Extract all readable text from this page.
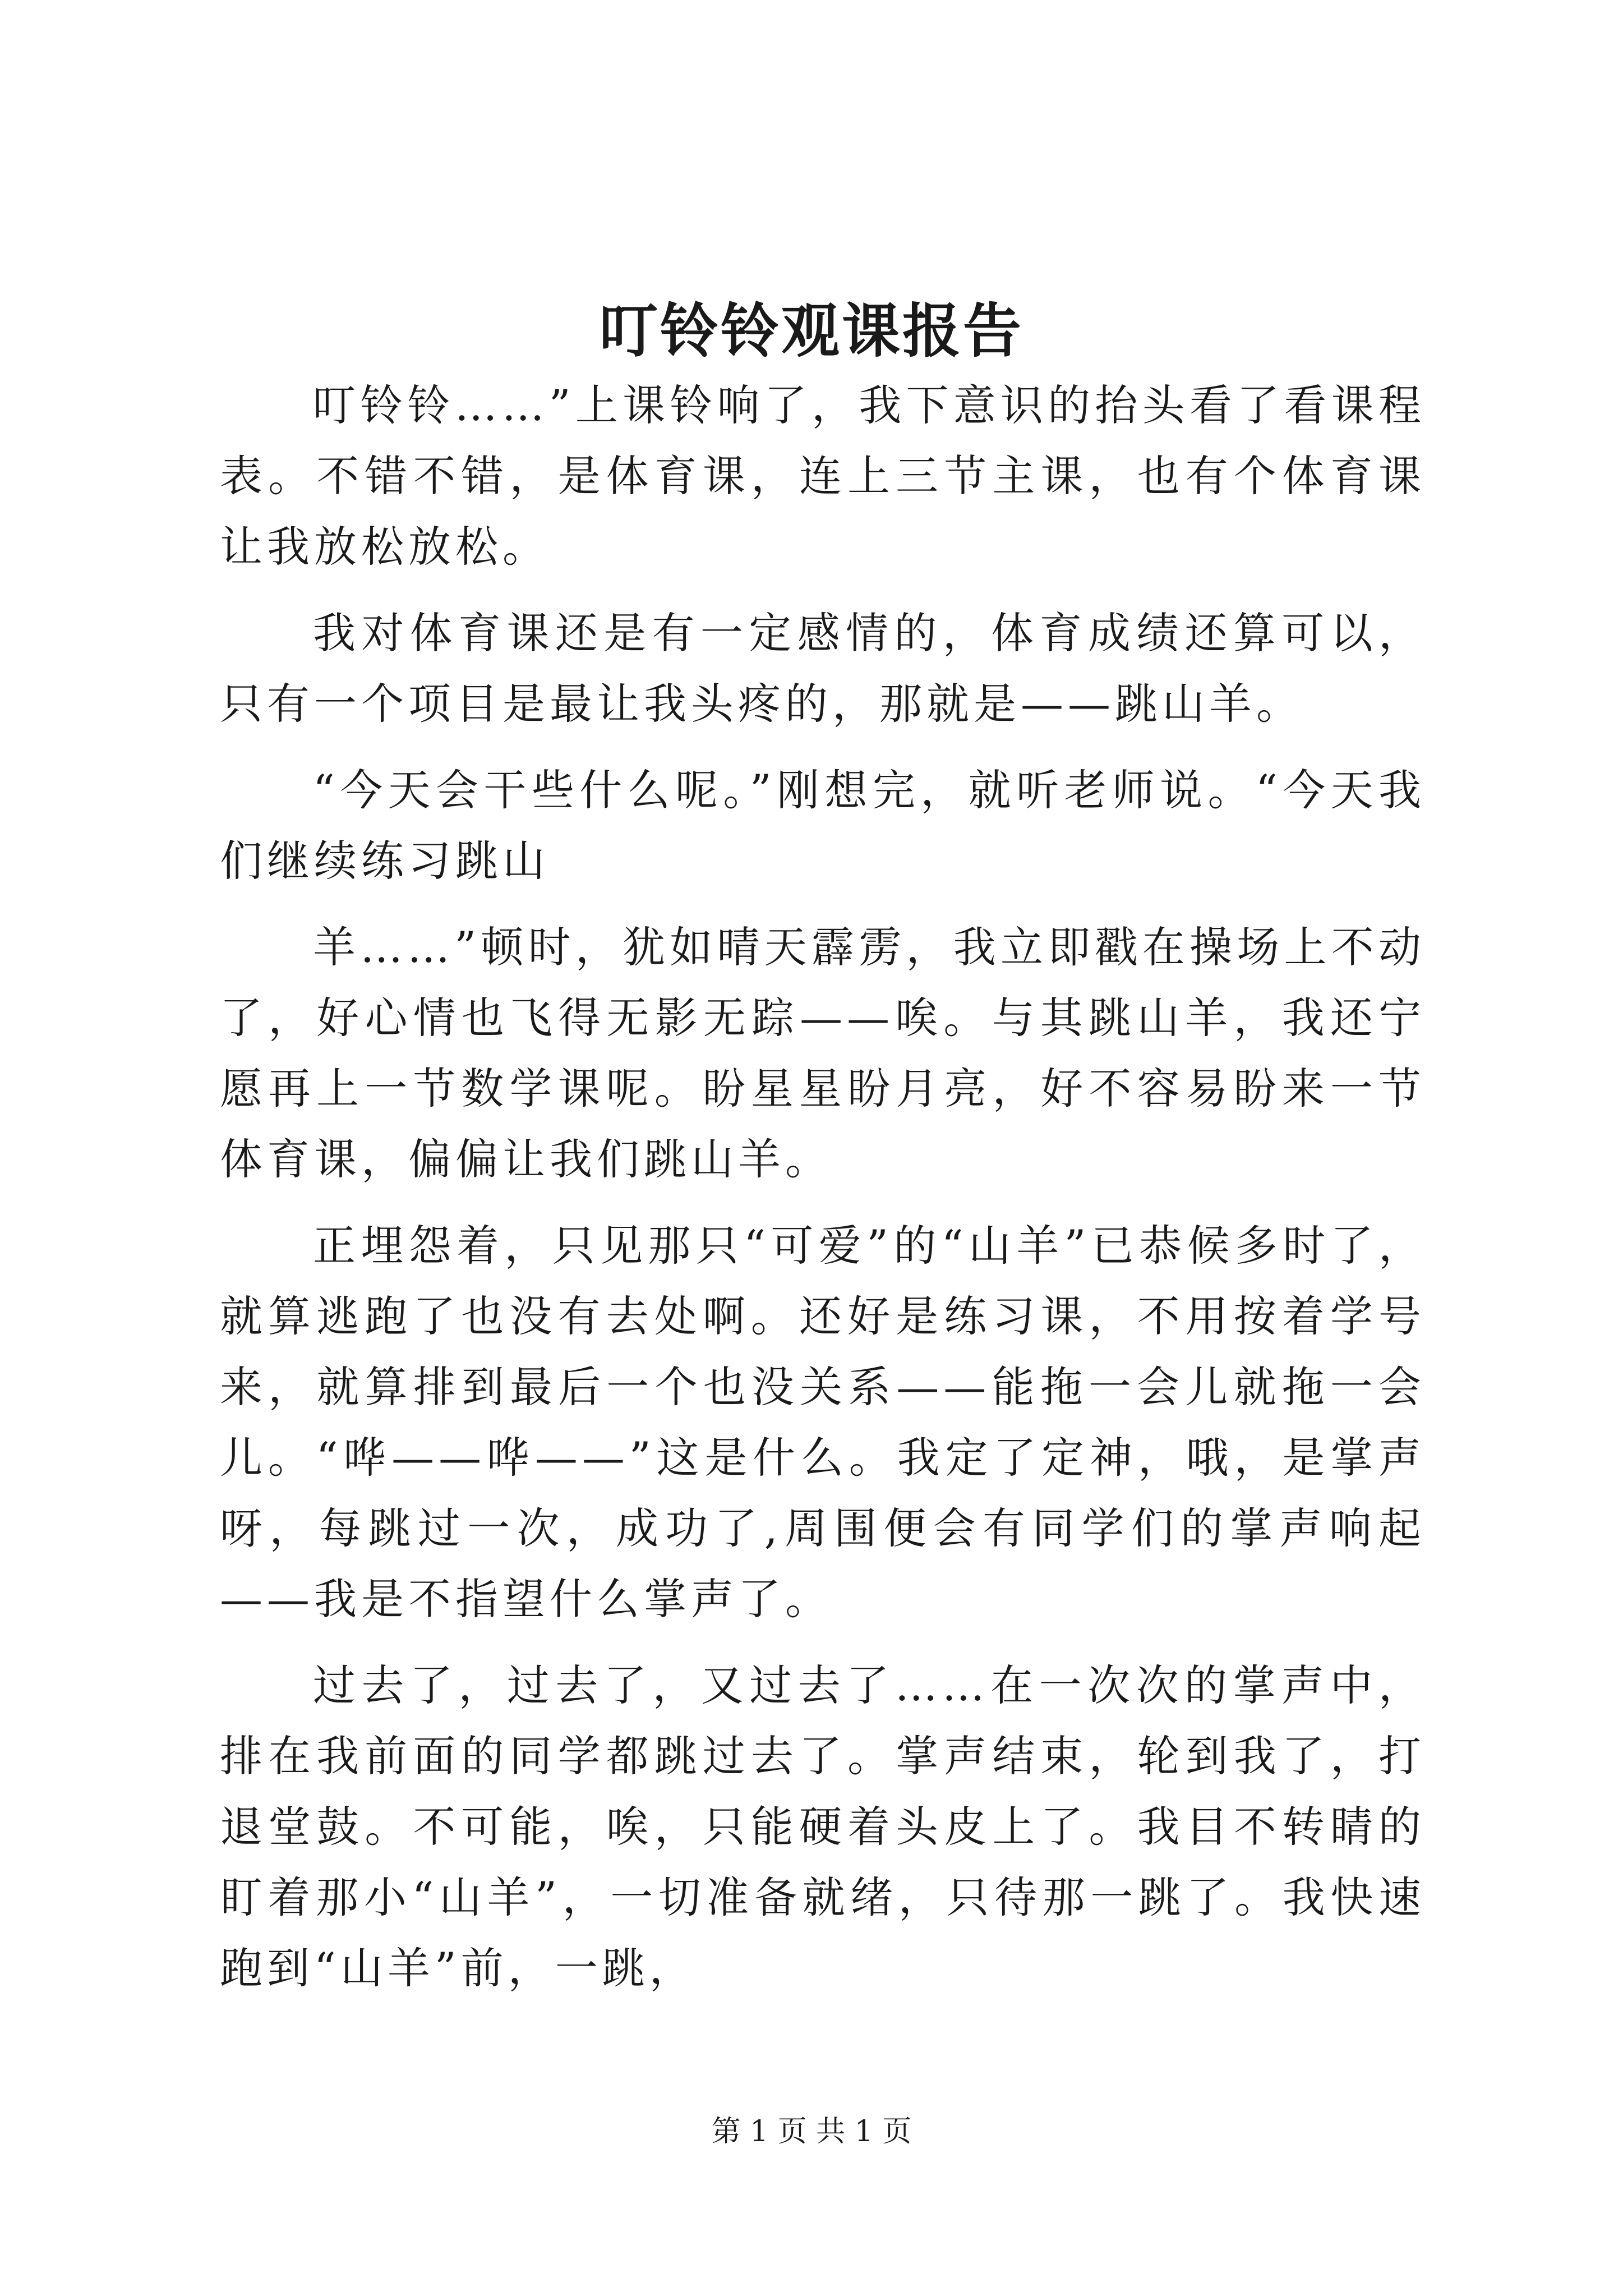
叮铃铃观课报告

叮铃铃……”上课铃响了，我下意识的抬头看了看课程表。不错不错，是体育课，连上三节主课，也有个体育课让我放松放松。

我对体育课还是有一定感情的，体育成绩还算可以，只有一个项目是最让我头疼的，那就是——跳山羊。

“今天会干些什么呢。”刚想完，就听老师说。“今天我们继续练习跳山

羊……”顿时，犹如晴天霹雳，我立即戳在操场上不动了，好心情也飞得无影无踪——唉。与其跳山羊，我还宁愿再上一节数学课呢。盼星星盼月亮，好不容易盼来一节体育课，偏偏让我们跳山羊。

正埋怨着，只见那只“可爱”的“山羊”已恭候多时了，就算逃跑了也没有去处啊。还好是练习课，不用按着学号来，就算排到最后一个也没关系——能拖一会儿就拖一会儿。“哗——哗——”这是什么。我定了定神，哦，是掌声呀，每跳过一次，成功了,周围便会有同学们的掌声响起——我是不指望什么掌声了。

过去了，过去了，又过去了……在一次次的掌声中，排在我前面的同学都跳过去了。掌声结束，轮到我了，打退堂鼓。不可能，唉，只能硬着头皮上了。我目不转睛的盯着那小“山羊”，一切准备就绪，只待那一跳了。我快速跑到“山羊”前，一跳，

第 1 页 共 1 页
